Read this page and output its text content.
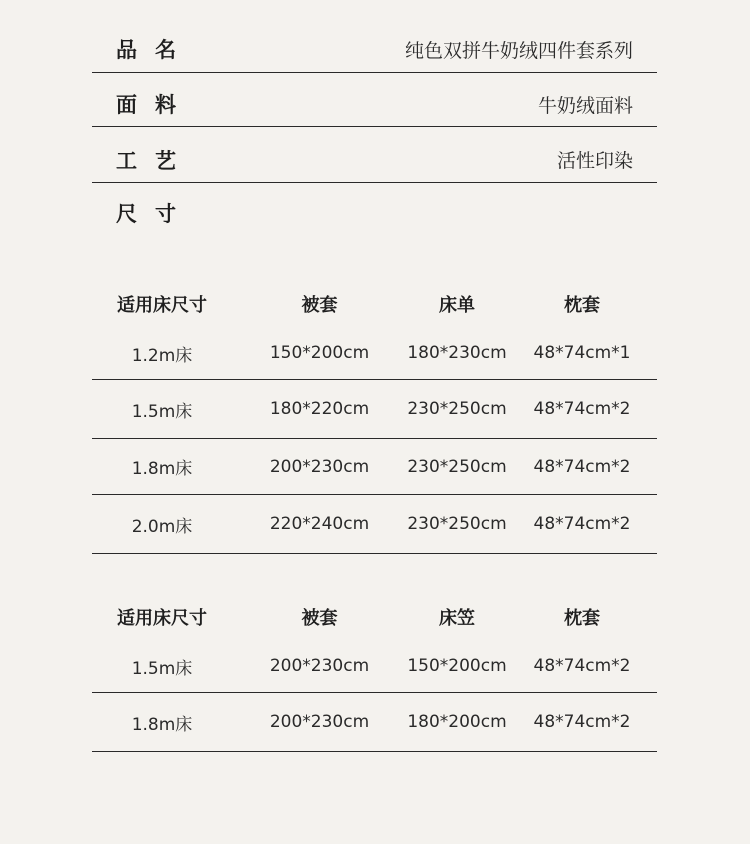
品名	纯色双拼牛奶绒四件套系列
面料	牛奶绒面料
工艺	活性印染
尺寸
适用床尺寸	被套	床单	枕套
1.2m床	150*200cm	180*230cm	48*74cm*1
1.5m床	180*220cm	230*250cm	48*74cm*2
1.8m床	200*230cm	230*250cm	48*74cm*2
2.0m床	220*240cm	230*250cm	48*74cm*2
适用床尺寸	被套	床笠	枕套
1.5m床	200*230cm	150*200cm	48*74cm*2
1.8m床	200*230cm	180*200cm	48*74cm*2
